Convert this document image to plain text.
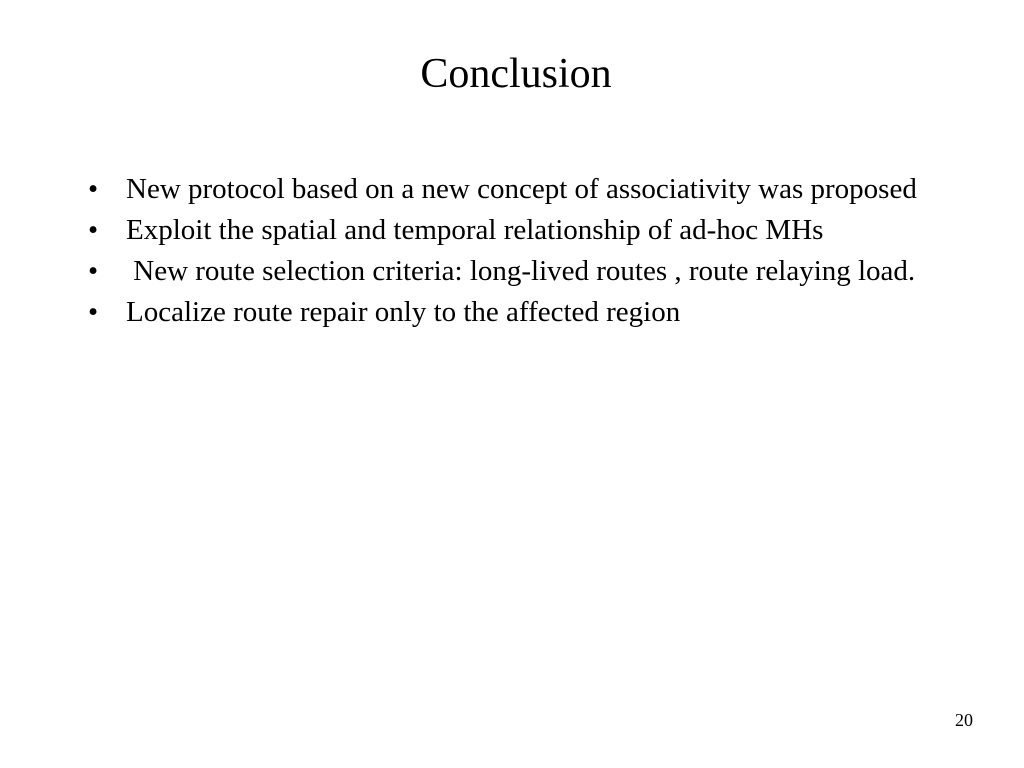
Conclusion
• New protocol based on a new concept of associativity was proposed
• Exploit the spatial and temporal relationship of ad-hoc MHs
• New route selection criteria: long-lived routes , route relaying load.
• Localize route repair only to the affected region
20
